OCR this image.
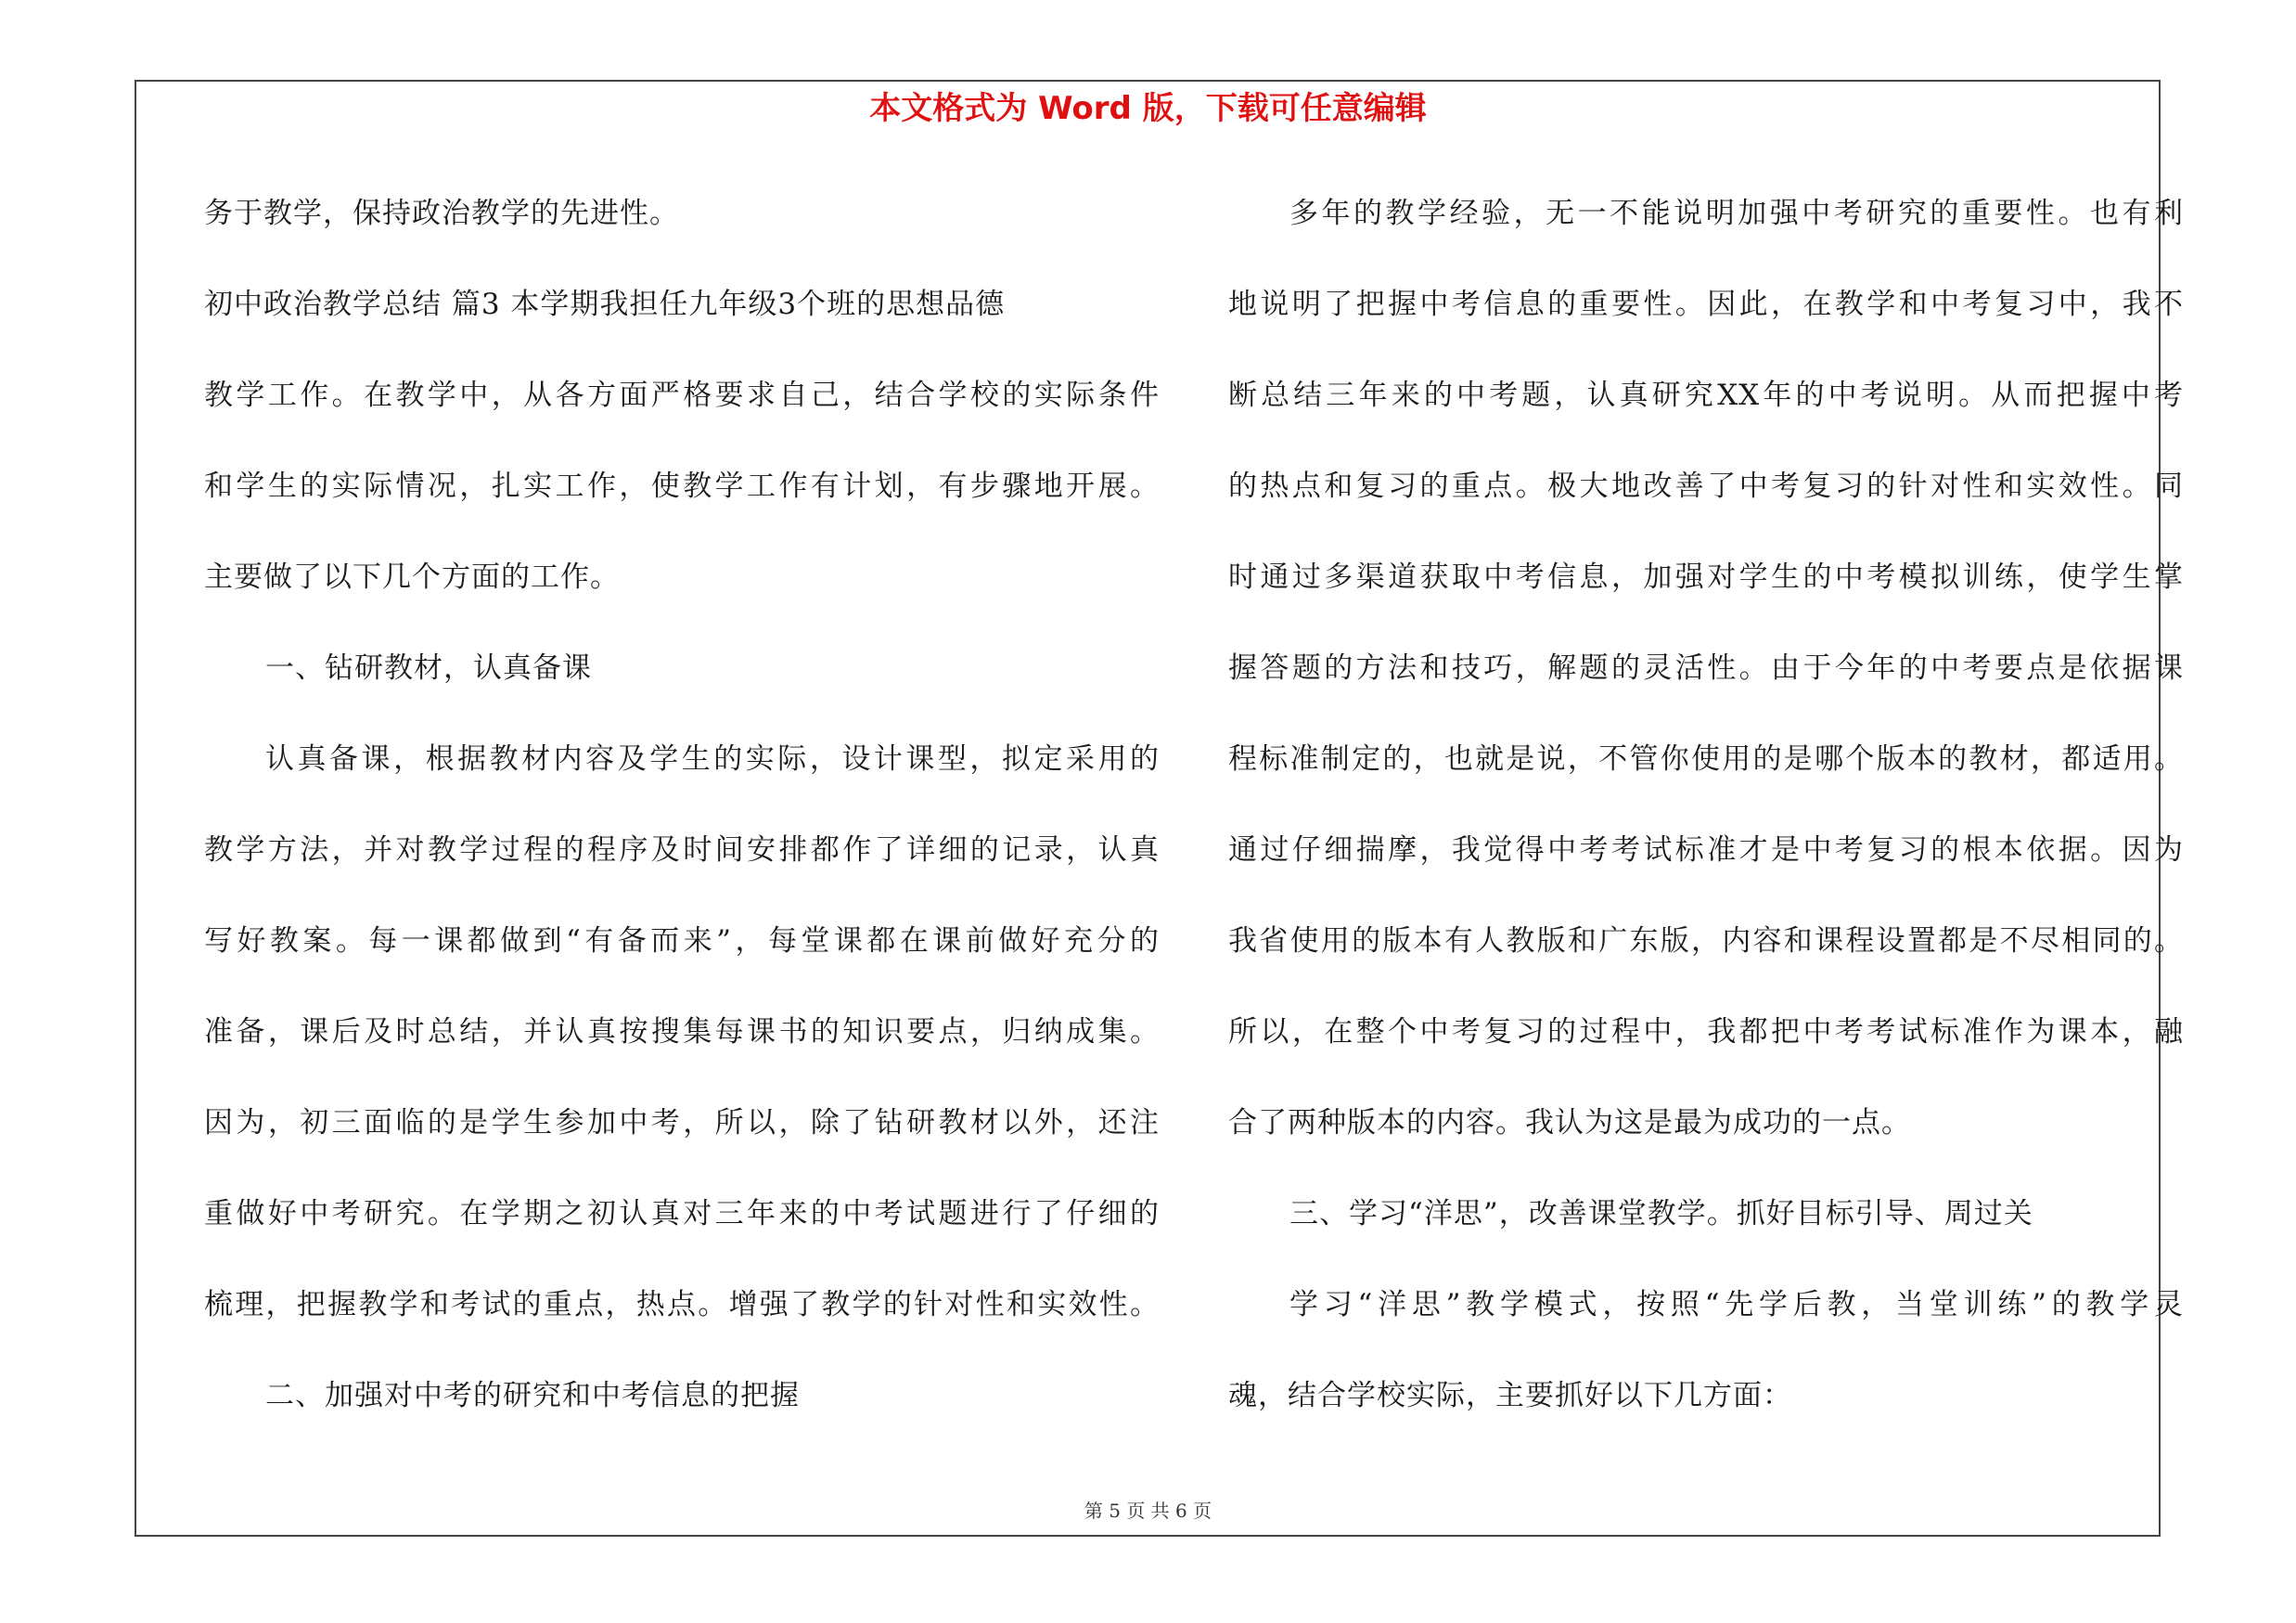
本文格式为 Word 版，下载可任意编辑
务于教学，保持政治教学的先进性。
初中政治教学总结 篇3 本学期我担任九年级3个班的思想品德
教学工作。在教学中，从各方面严格要求自己，结合学校的实际条件
和学生的实际情况，扎实工作，使教学工作有计划，有步骤地开展。
主要做了以下几个方面的工作。
一、钻研教材，认真备课
认真备课，根据教材内容及学生的实际，设计课型，拟定采用的
教学方法，并对教学过程的程序及时间安排都作了详细的记录，认真
写好教案。每一课都做到“有备而来”，每堂课都在课前做好充分的
准备，课后及时总结，并认真按搜集每课书的知识要点，归纳成集。
因为，初三面临的是学生参加中考，所以，除了钻研教材以外，还注
重做好中考研究。在学期之初认真对三年来的中考试题进行了仔细的
梳理，把握教学和考试的重点，热点。增强了教学的针对性和实效性。
二、加强对中考的研究和中考信息的把握
多年的教学经验，无一不能说明加强中考研究的重要性。也有利
地说明了把握中考信息的重要性。因此，在教学和中考复习中，我不
断总结三年来的中考题，认真研究XX年的中考说明。从而把握中考
的热点和复习的重点。极大地改善了中考复习的针对性和实效性。同
时通过多渠道获取中考信息，加强对学生的中考模拟训练，使学生掌
握答题的方法和技巧，解题的灵活性。由于今年的中考要点是依据课
程标准制定的，也就是说，不管你使用的是哪个版本的教材，都适用。
通过仔细揣摩，我觉得中考考试标准才是中考复习的根本依据。因为
我省使用的版本有人教版和广东版，内容和课程设置都是不尽相同的。
所以，在整个中考复习的过程中，我都把中考考试标准作为课本，融
合了两种版本的内容。我认为这是最为成功的一点。
三、学习“洋思”，改善课堂教学。抓好目标引导、周过关
学习“洋思”教学模式，按照“先学后教，当堂训练”的教学灵
魂，结合学校实际，主要抓好以下几方面：
第 5 页 共 6 页
